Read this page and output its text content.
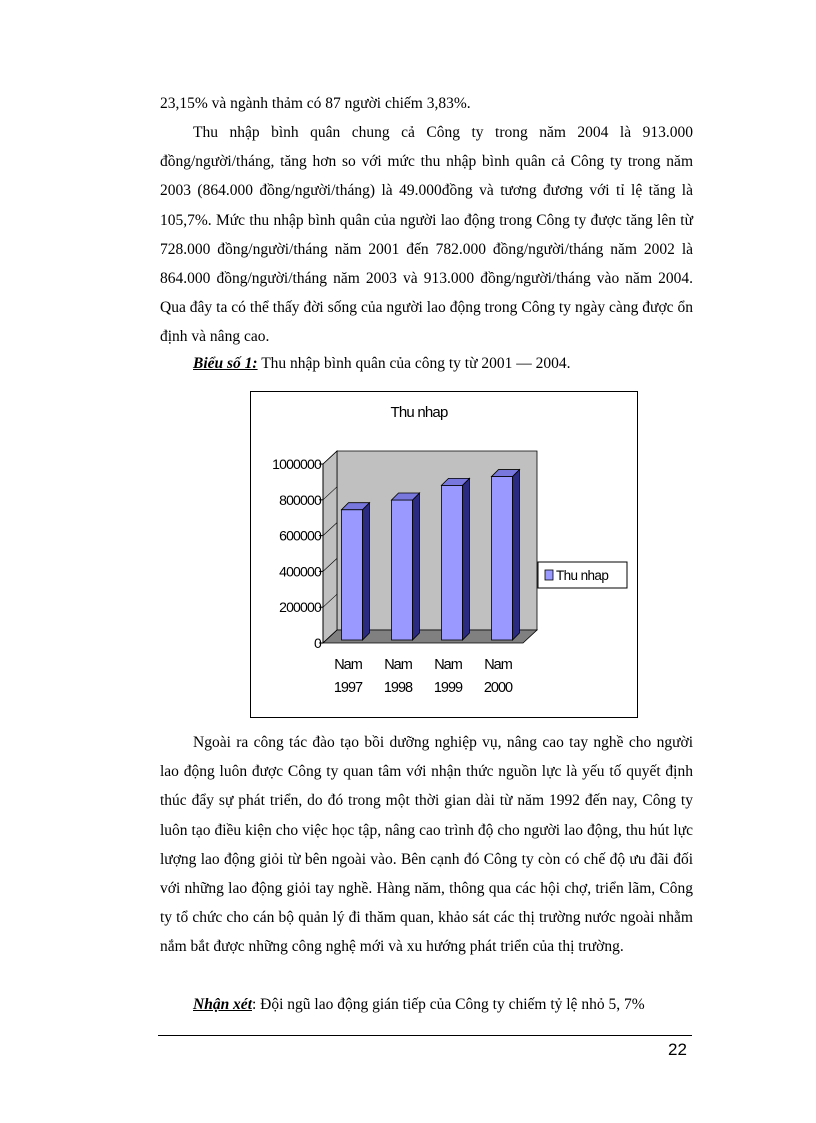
23,15% và ngành thảm có 87 người chiếm 3,83%.

Thu nhập bình quân chung cả Công ty trong năm 2004 là 913.000 đồng/người/tháng, tăng hơn so với mức thu nhập bình quân cả Công ty trong năm 2003 (864.000 đồng/người/tháng) là 49.000đồng và tương đương với tỉ lệ tăng là 105,7%. Mức thu nhập bình quân của người lao động trong Công ty được tăng lên từ 728.000 đồng/người/tháng năm 2001 đến 782.000 đồng/người/tháng năm 2002 là 864.000 đồng/người/tháng năm 2003 và 913.000 đồng/người/tháng vào năm 2004. Qua đây ta có thể thấy đời sống của người lao động trong Công ty ngày càng được ổn định và nâng cao.

Biểu số 1: Thu nhập bình quân của công ty từ 2001 — 2004.
Thu nhap
0
200000
400000
600000
800000
1000000
Nam
1997
Nam
1998
Nam
1999
Nam
2000
Thu nhap

Ngoài ra công tác đào tạo bồi dưỡng nghiệp vụ, nâng cao tay nghề cho người lao động luôn được Công ty quan tâm với nhận thức nguồn lực là yếu tố quyết định thúc đẩy sự phát triển, do đó trong một thời gian dài từ năm 1992 đến nay, Công ty luôn tạo điều kiện cho việc học tập, nâng cao trình độ cho người lao động, thu hút lực lượng lao động giỏi từ bên ngoài vào. Bên cạnh đó Công ty còn có chế độ ưu đãi đối với những lao động giỏi tay nghề. Hàng năm, thông qua các hội chợ, triển lãm, Công ty tổ chức cho cán bộ quản lý đi thăm quan, khảo sát các thị trường nước ngoài nhằm nắm bắt được những công nghệ mới và xu hướng phát triển của thị trường.

Nhận xét: Đội ngũ lao động gián tiếp của Công ty chiếm tỷ lệ nhỏ 5, 7%

22
